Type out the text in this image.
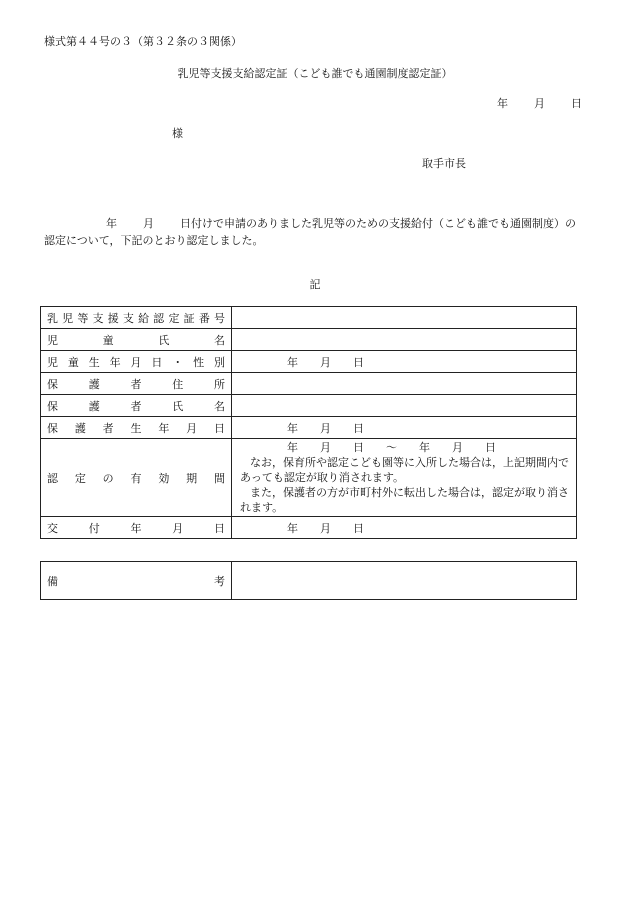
様式第４４号の３（第３２条の３関係）
乳児等支援支給認定証（こども誰でも通園制度認定証）
年 月 日
様
取手市長
年 月 日付けで申請のありました乳児等のための支援給付（こども誰でも通園制度）の認定について，下記のとおり認定しました。
記
乳児等支援支給認定証番号	
児童氏名	
児童生年月日・性別	年　　月　　日
保護者住所	
保護者氏名	
保護者生年月日	年　　月　　日
認定の有効期間	年　　月　　日　　～　　年　　月　　日
なお，保育所や認定こども園等に入所した場合は，上記期間内であっても認定が取り消されます。
また，保護者の方が市町村外に転出した場合は，認定が取り消されます。

交付年月日	年　　月　　日
備考	
